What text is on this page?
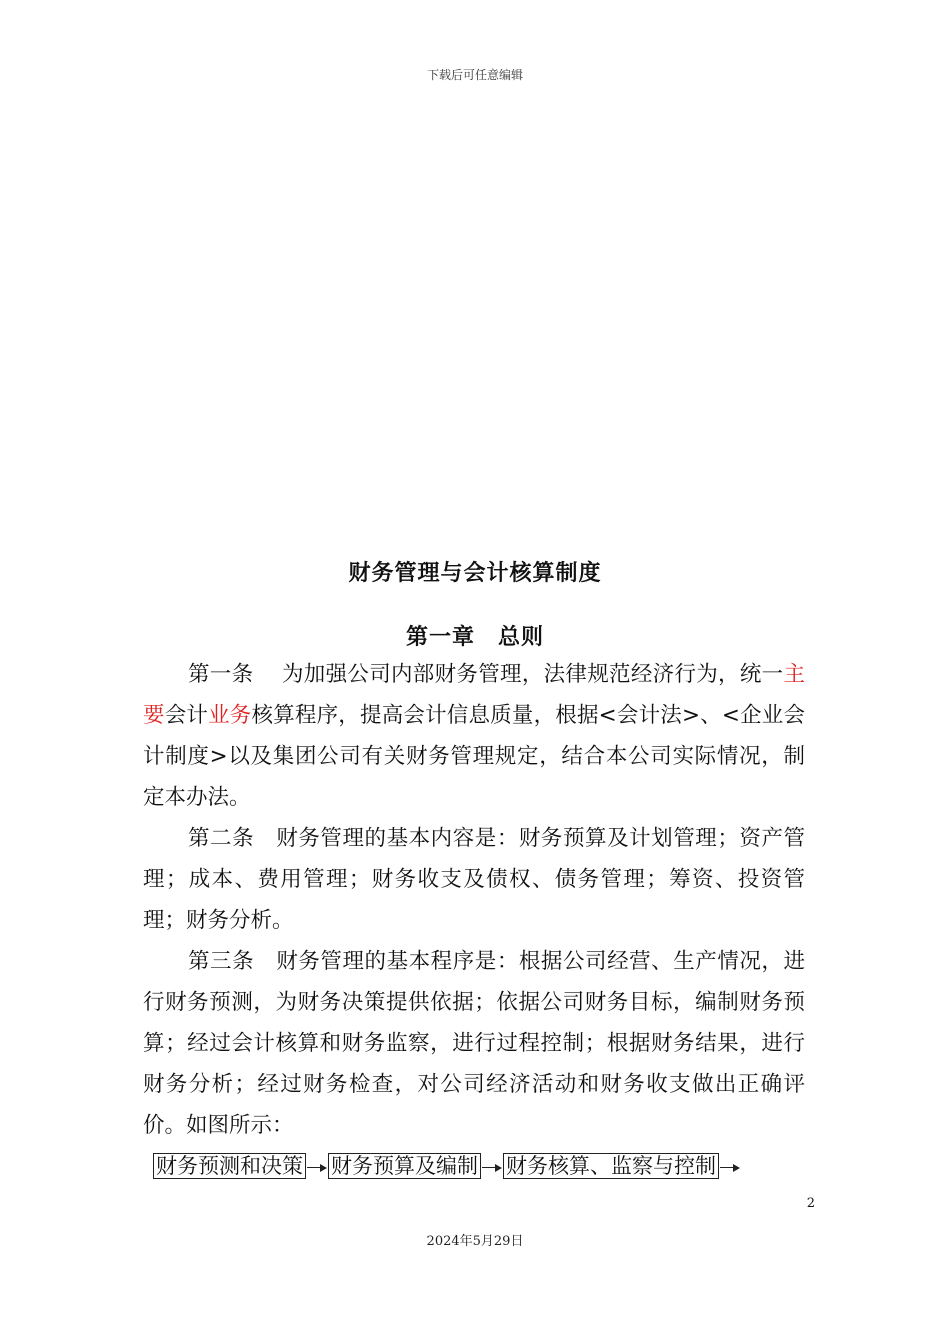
下载后可任意编辑
财务管理与会计核算制度
第一章　总则

第一条 为加强公司内部财务管理，法律规范经济行为，统一主要会计业务核算程序，提高会计信息质量，根据<会计法>、<企业会计制度>以及集团公司有关财务管理规定，结合本公司实际情况，制定本办法。

第二条 财务管理的基本内容是：财务预算及计划管理；资产管理；成本、费用管理；财务收支及债权、债务管理；筹资、投资管理；财务分析。

第三条 财务管理的基本程序是：根据公司经营、生产情况，进行财务预测，为财务决策提供依据；依据公司财务目标，编制财务预算；经过会计核算和财务监察，进行过程控制；根据财务结果，进行财务分析；经过财务检查，对公司经济活动和财务收支做出正确评价。如图所示：

财务预测和决策 财务预算及编制 财务核算、监察与控制
2
2024年5月29日
